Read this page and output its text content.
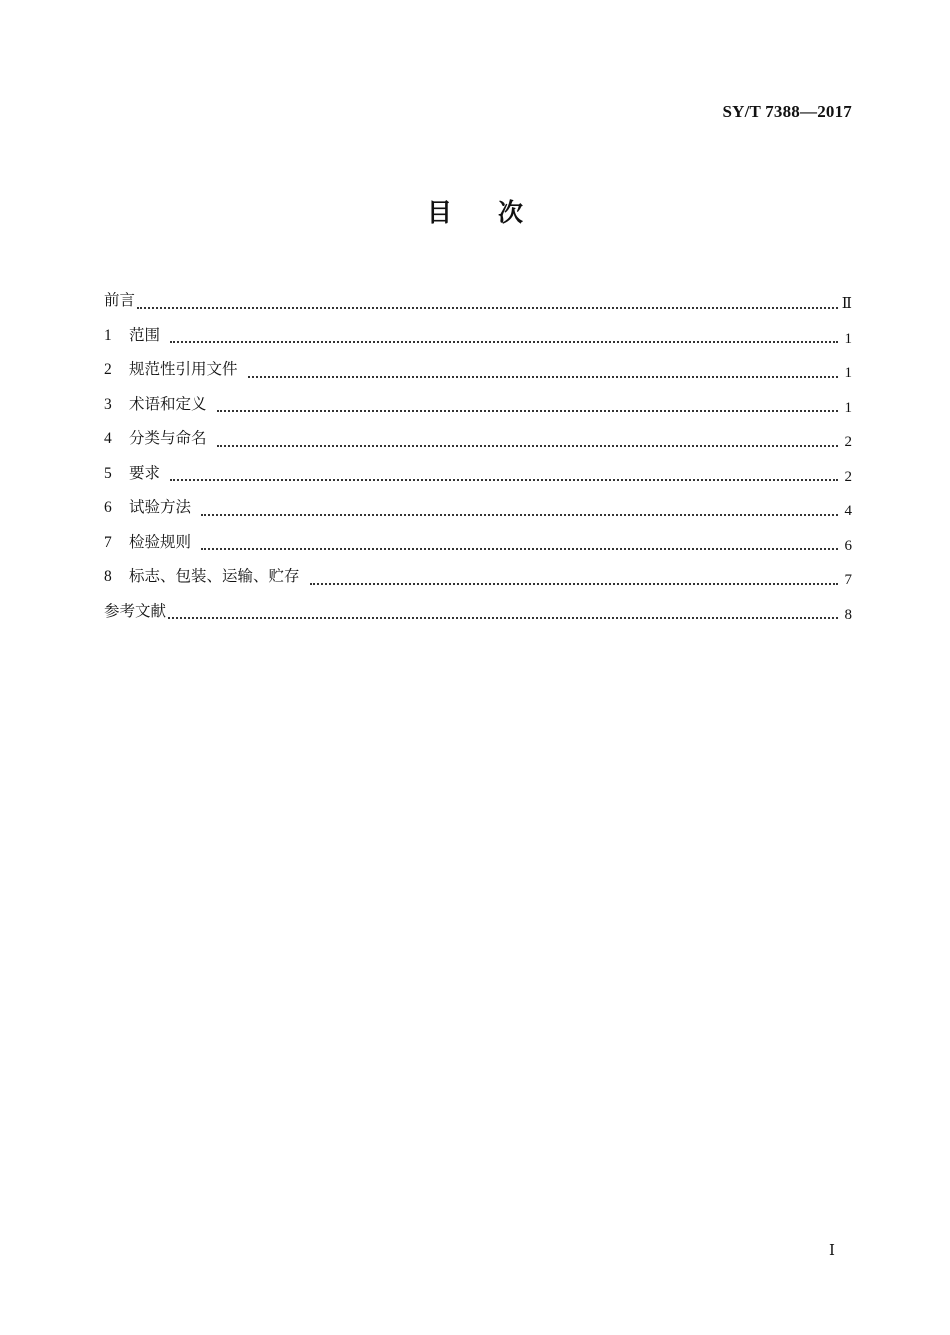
SY/T 7388—2017
目次
前言	Ⅱ
1	范围	1
2	规范性引用文件	1
3	术语和定义	1
4	分类与命名	2
5	要求	2
6	试验方法	4
7	检验规则	6
8	标志、包装、运输、贮存	7
参考文献	8
Ⅰ
